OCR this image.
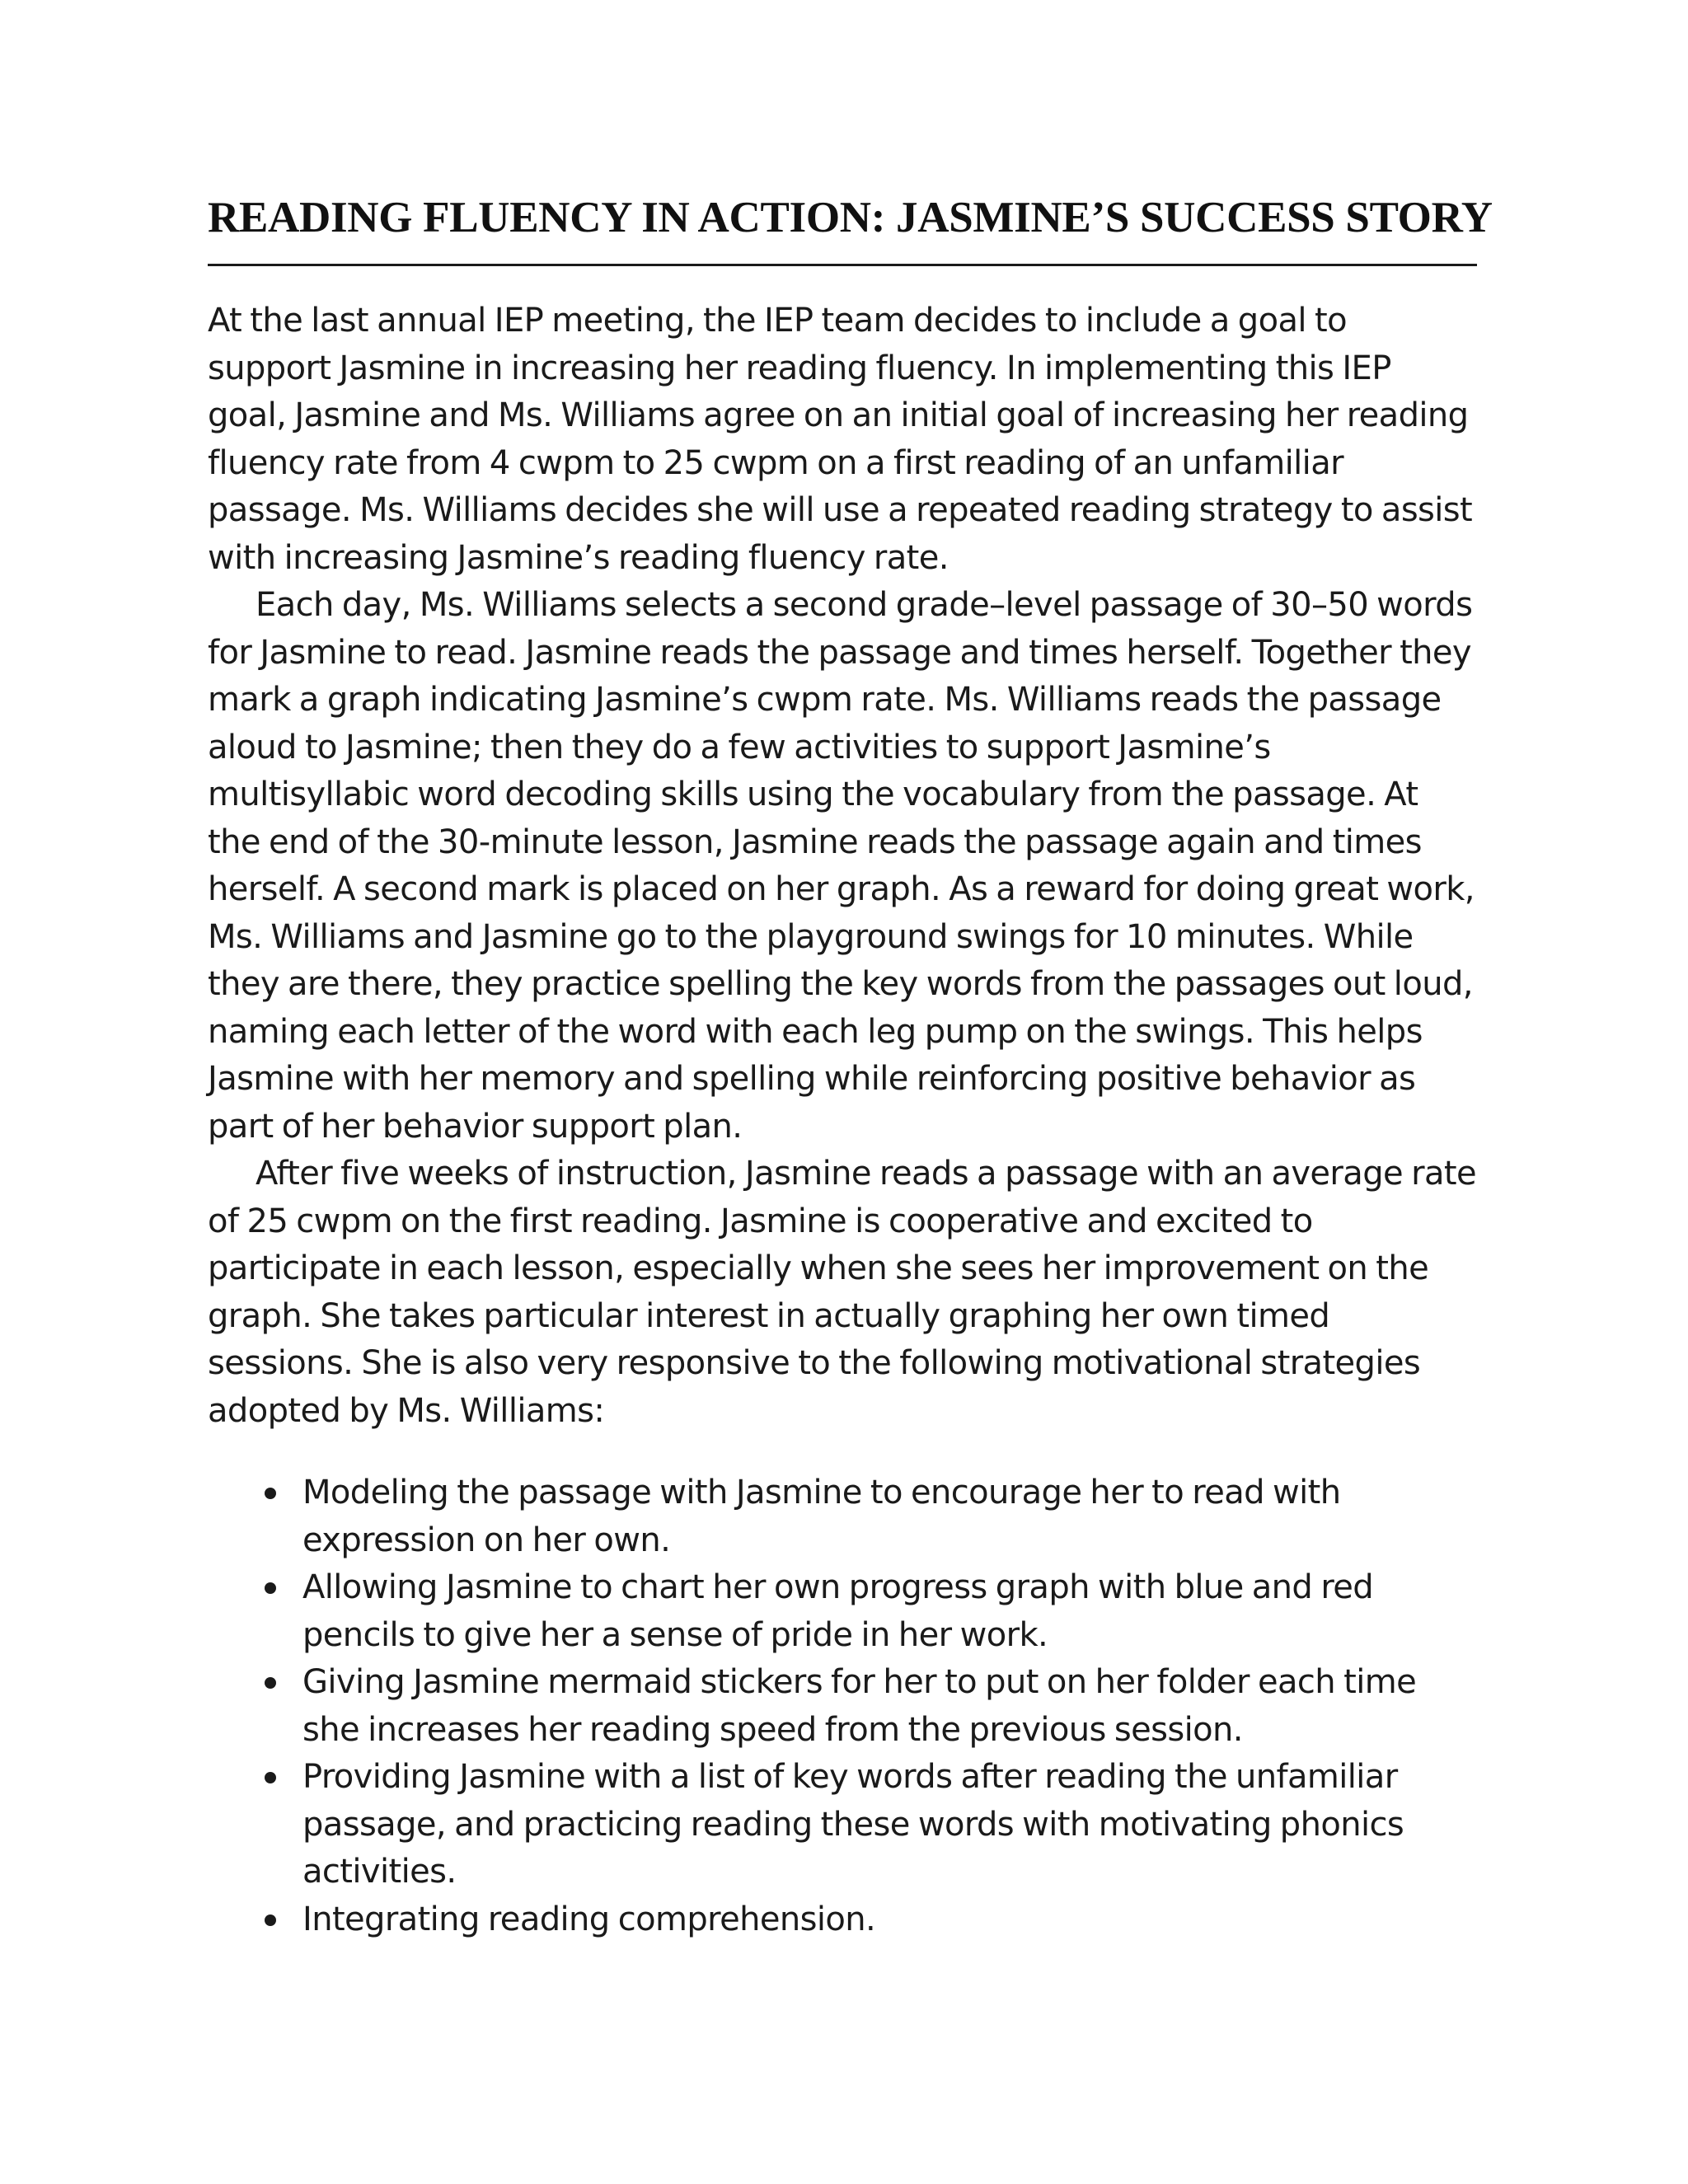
READING FLUENCY IN ACTION: JASMINE’S SUCCESS STORY

At the last annual IEP meeting, the IEP team decides to include a goal to support Jasmine in increasing her reading fluency. In implementing this IEP goal, Jasmine and Ms. Williams agree on an initial goal of increasing her reading fluency rate from 4 cwpm to 25 cwpm on a first reading of an unfamiliar passage. Ms. Williams decides she will use a repeated reading strategy to assist with increasing Jasmine’s reading fluency rate.

Each day, Ms. Williams selects a second grade–level passage of 30–50 words for Jasmine to read. Jasmine reads the passage and times herself. Together they mark a graph indicating Jasmine’s cwpm rate. Ms. Williams reads the passage aloud to Jasmine; then they do a few activities to support Jasmine’s multisyllabic word decoding skills using the vocabulary from the passage. At the end of the 30-minute lesson, Jasmine reads the passage again and times herself. A second mark is placed on her graph. As a reward for doing great work, Ms. Williams and Jasmine go to the playground swings for 10 minutes. While they are there, they practice spelling the key words from the passages out loud, naming each letter of the word with each leg pump on the swings. This helps Jasmine with her memory and spelling while reinforcing positive behavior as part of her behavior support plan.

After five weeks of instruction, Jasmine reads a passage with an average rate of 25 cwpm on the first reading. Jasmine is cooperative and excited to participate in each lesson, especially when she sees her improvement on the graph. She takes particular interest in actually graphing her own timed sessions. She is also very responsive to the following motivational strategies adopted by Ms. Williams:

Modeling the passage with Jasmine to encourage her to read with expression on her own.
Allowing Jasmine to chart her own progress graph with blue and red pencils to give her a sense of pride in her work.
Giving Jasmine mermaid stickers for her to put on her folder each time she increases her reading speed from the previous session.
Providing Jasmine with a list of key words after reading the unfamiliar passage, and practicing reading these words with motivating phonics activities.
Integrating reading comprehension.
